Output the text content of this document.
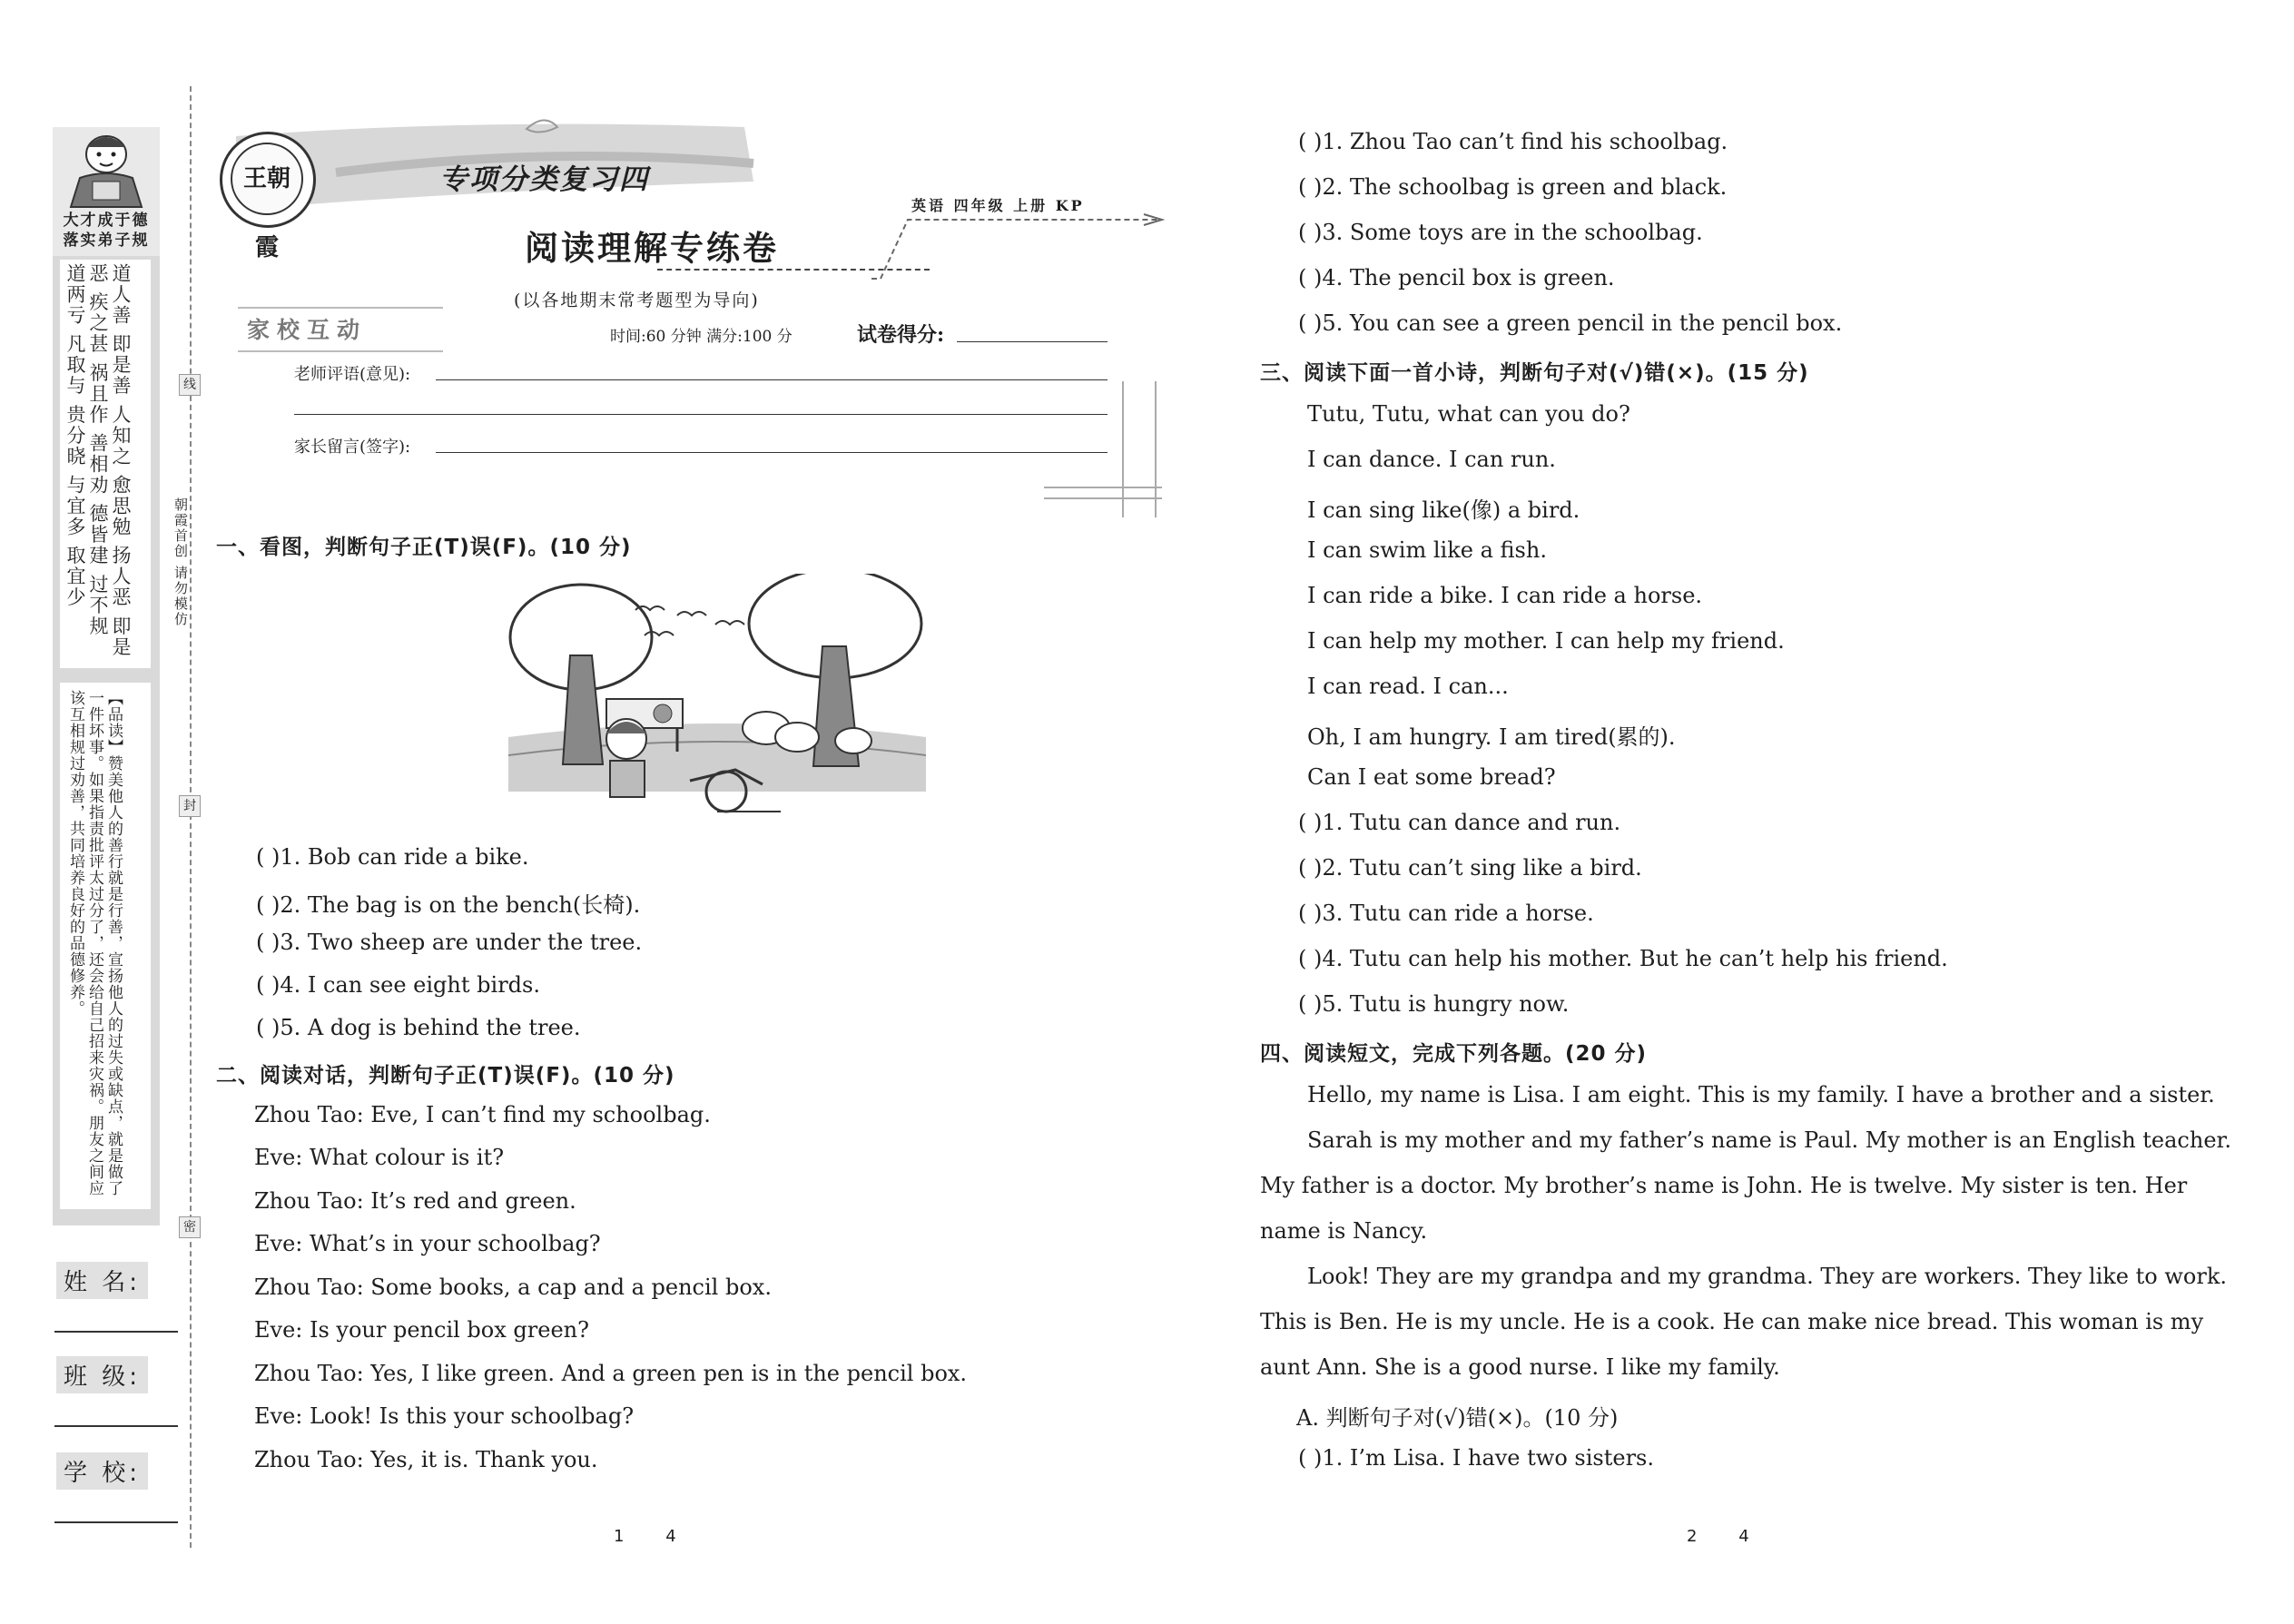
大才成于德 落实弟子规
道人善 即是善 人知之 愈思勉 扬人恶 即是恶 疾之甚 祸且作 善相劝 德皆建 过不规 道两亏 凡取与 贵分晓 与宜多 取宜少
【品读】赞美他人的善行就是行善，宣扬他人的过失或缺点，就是做了一件坏事。如果指责批评太过分了，还会给自己招来灾祸。朋友之间应该互相规过劝善，共同培养良好的品德修养。
姓 名:
班 级:
学 校:
线
封
密
朝霞首创 请勿模仿
王朝霞
专项分类复习四
阅读理解专练卷
(以各地期末常考题型为导向)
英语 四年级 上册 KP
家校互动	时间:60 分钟 满分:100 分	试卷得分:
老师评语(意见):
家长留言(签字):
一、看图，判断句子正(T)误(F)。(10 分)
( )1. Bob can ride a bike.
( )2. The bag is on the bench(长椅).
( )3. Two sheep are under the tree.
( )4. I can see eight birds.
( )5. A dog is behind the tree.
二、阅读对话，判断句子正(T)误(F)。(10 分)
Zhou Tao: Eve, I can’t find my schoolbag.
Eve: What colour is it?
Zhou Tao: It’s red and green.
Eve: What’s in your schoolbag?
Zhou Tao: Some books, a cap and a pencil box.
Eve: Is your pencil box green?
Zhou Tao: Yes, I like green. And a green pen is in the pencil box.
Eve: Look! Is this your schoolbag?
Zhou Tao: Yes, it is. Thank you.
1        4
( )1. Zhou Tao can’t find his schoolbag.
( )2. The schoolbag is green and black.
( )3. Some toys are in the schoolbag.
( )4. The pencil box is green.
( )5. You can see a green pencil in the pencil box.
三、阅读下面一首小诗，判断句子对(√)错(×)。(15 分)
Tutu, Tutu, what can you do?
I can dance. I can run.
I can sing like(像) a bird.
I can swim like a fish.
I can ride a bike. I can ride a horse.
I can help my mother. I can help my friend.
I can read. I can...
Oh, I am hungry. I am tired(累的).
Can I eat some bread?
( )1. Tutu can dance and run.
( )2. Tutu can’t sing like a bird.
( )3. Tutu can ride a horse.
( )4. Tutu can help his mother. But he can’t help his friend.
( )5. Tutu is hungry now.
四、阅读短文，完成下列各题。(20 分)
Hello, my name is Lisa. I am eight. This is my family. I have a brother and a sister.
Sarah is my mother and my father’s name is Paul. My mother is an English teacher.
My father is a doctor. My brother’s name is John. He is twelve. My sister is ten. Her
name is Nancy.
Look! They are my grandpa and my grandma. They are workers. They like to work.
This is Ben. He is my uncle. He is a cook. He can make nice bread. This woman is my
aunt Ann. She is a good nurse. I like my family.
A. 判断句子对(√)错(×)。(10 分)
( )1. I’m Lisa. I have two sisters.
2        4
